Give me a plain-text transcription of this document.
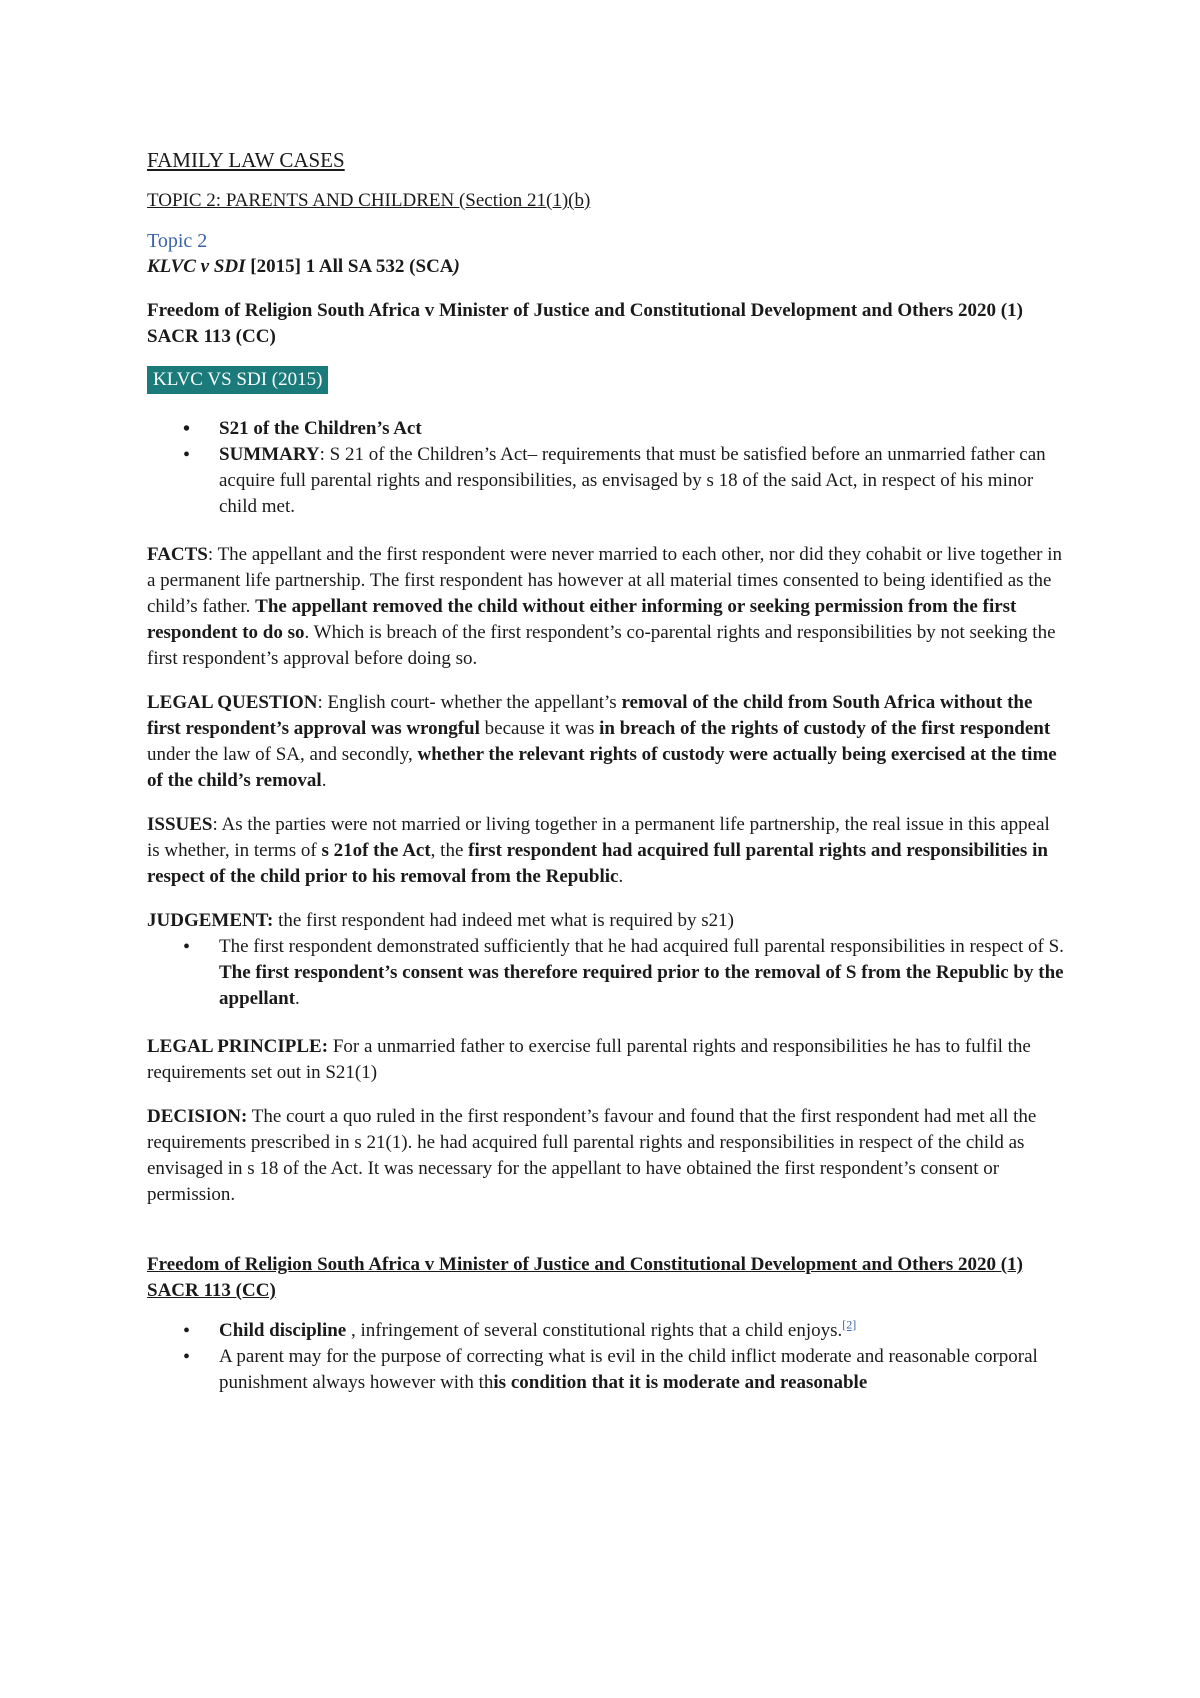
FAMILY LAW CASES

TOPIC 2: PARENTS AND CHILDREN (Section 21(1)(b)

Topic 2

KLVC v SDI [2015] 1 All SA 532 (SCA)

Freedom of Religion South Africa v Minister of Justice and Constitutional Development and Others 2020 (1) SACR 113 (CC)

KLVC VS SDI (2015)
• S21 of the Children’s Act
• SUMMARY: S 21 of the Children’s Act– requirements that must be satisfied before an unmarried father can acquire full parental rights and responsibilities, as envisaged by s 18 of the said Act, in respect of his minor child met.

FACTS: The appellant and the first respondent were never married to each other, nor did they cohabit or live together in a permanent life partnership. The first respondent has however at all material times consented to being identified as the child’s father. The appellant removed the child without either informing or seeking permission from the first respondent to do so. Which is breach of the first respondent’s co-parental rights and responsibilities by not seeking the first respondent’s approval before doing so.

LEGAL QUESTION: English court- whether the appellant’s removal of the child from South Africa without the first respondent’s approval was wrongful because it was in breach of the rights of custody of the first respondent under the law of SA, and secondly, whether the relevant rights of custody were actually being exercised at the time of the child’s removal.

ISSUES: As the parties were not married or living together in a permanent life partnership, the real issue in this appeal is whether, in terms of s 21of the Act, the first respondent had acquired full parental rights and responsibilities in respect of the child prior to his removal from the Republic.

JUDGEMENT: the first respondent had indeed met what is required by s21)

• The first respondent demonstrated sufficiently that he had acquired full parental responsibilities in respect of S. The first respondent’s consent was therefore required prior to the removal of S from the Republic by the appellant.

LEGAL PRINCIPLE: For a unmarried father to exercise full parental rights and responsibilities he has to fulfil the requirements set out in S21(1)

DECISION: The court a quo ruled in the first respondent’s favour and found that the first respondent had met all the requirements prescribed in s 21(1). he had acquired full parental rights and responsibilities in respect of the child as envisaged in s 18 of the Act. It was necessary for the appellant to have obtained the first respondent’s consent or permission.

Freedom of Religion South Africa v Minister of Justice and Constitutional Development and Others 2020 (1) SACR 113 (CC)

• Child discipline , infringement of several constitutional rights that a child enjoys.[2]
• A parent may for the purpose of correcting what is evil in the child inflict moderate and reasonable corporal punishment always however with this condition that it is moderate and reasonable
